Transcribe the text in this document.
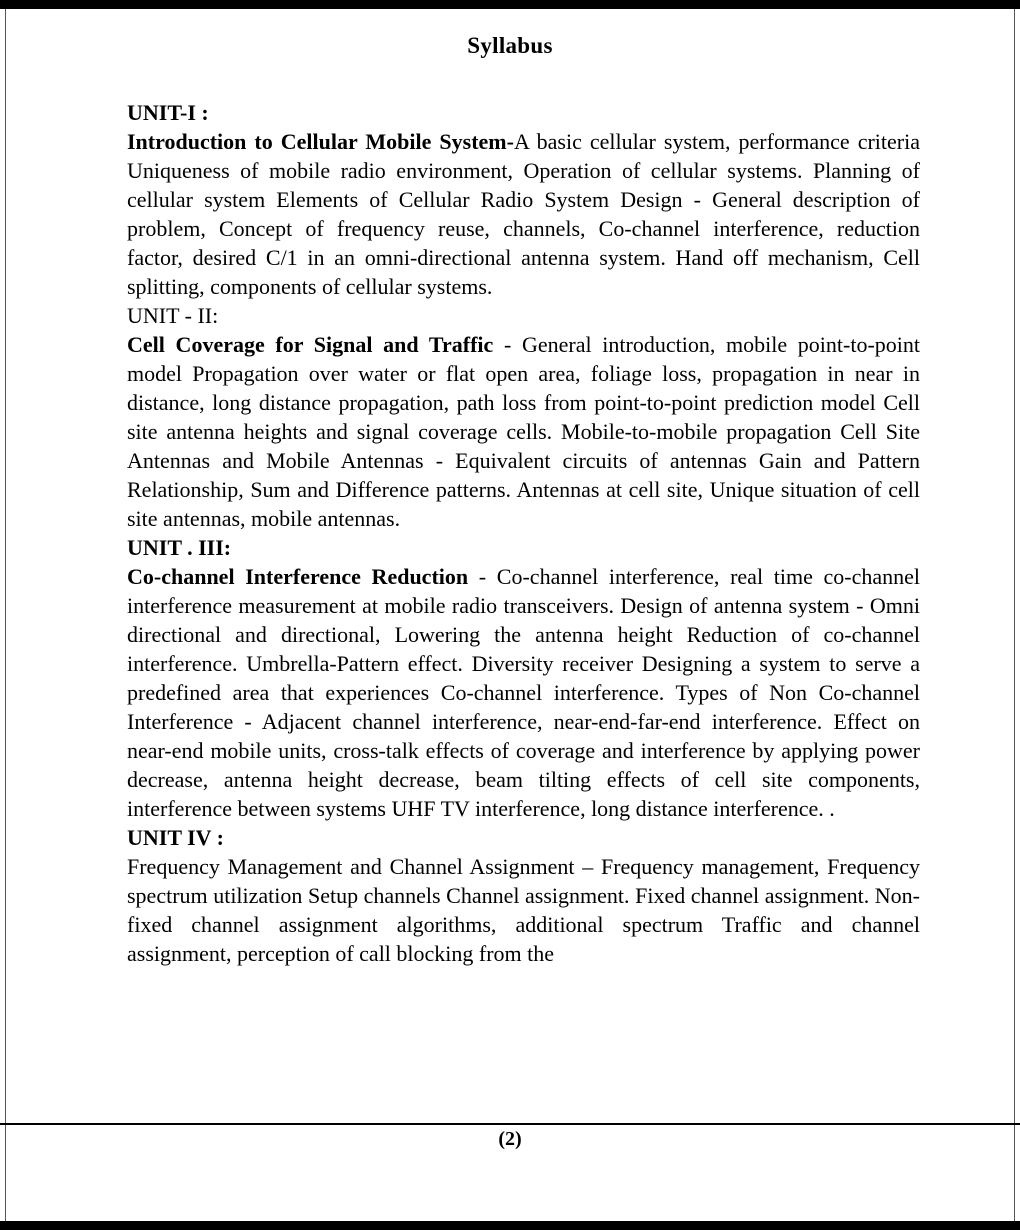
Syllabus
UNIT-I :

Introduction to Cellular Mobile System-A basic cellular system, performance criteria Uniqueness of mobile radio environment, Operation of cellular systems. Planning of cellular system Elements of Cellular Radio System Design - General description of problem, Concept of frequency reuse, channels, Co-channel interference, reduction factor, desired C/1 in an omni-directional antenna system. Hand off mechanism, Cell splitting, components of cellular systems.

UNIT - II:

Cell Coverage for Signal and Traffic - General introduction, mobile point-to-point model Propagation over water or flat open area, foliage loss, propagation in near in distance, long distance propagation, path loss from point-to-point prediction model Cell site antenna heights and signal coverage cells. Mobile-to-mobile propagation Cell Site Antennas and Mobile Antennas - Equivalent circuits of antennas Gain and Pattern Relationship, Sum and Difference patterns. Antennas at cell site, Unique situation of cell site antennas, mobile antennas.

UNIT . III:

Co-channel Interference Reduction - Co-channel interference, real time co-channel interference measurement at mobile radio transceivers. Design of antenna system - Omni directional and directional, Lowering the antenna height Reduction of co-channel interference. Umbrella-Pattern effect. Diversity receiver Designing a system to serve a predefined area that experiences Co-channel interference. Types of Non Co-channel Interference - Adjacent channel interference, near-end-far-end interference. Effect on near-end mobile units, cross-talk effects of coverage and interference by applying power decrease, antenna height decrease, beam tilting effects of cell site components, interference between systems UHF TV interference, long distance interference. .

UNIT IV :

Frequency Management and Channel Assignment – Frequency management, Frequency spectrum utilization Setup channels Channel assignment. Fixed channel assignment. Non-fixed channel assignment algorithms, additional spectrum Traffic and channel assignment, perception of call blocking from the

(2)
